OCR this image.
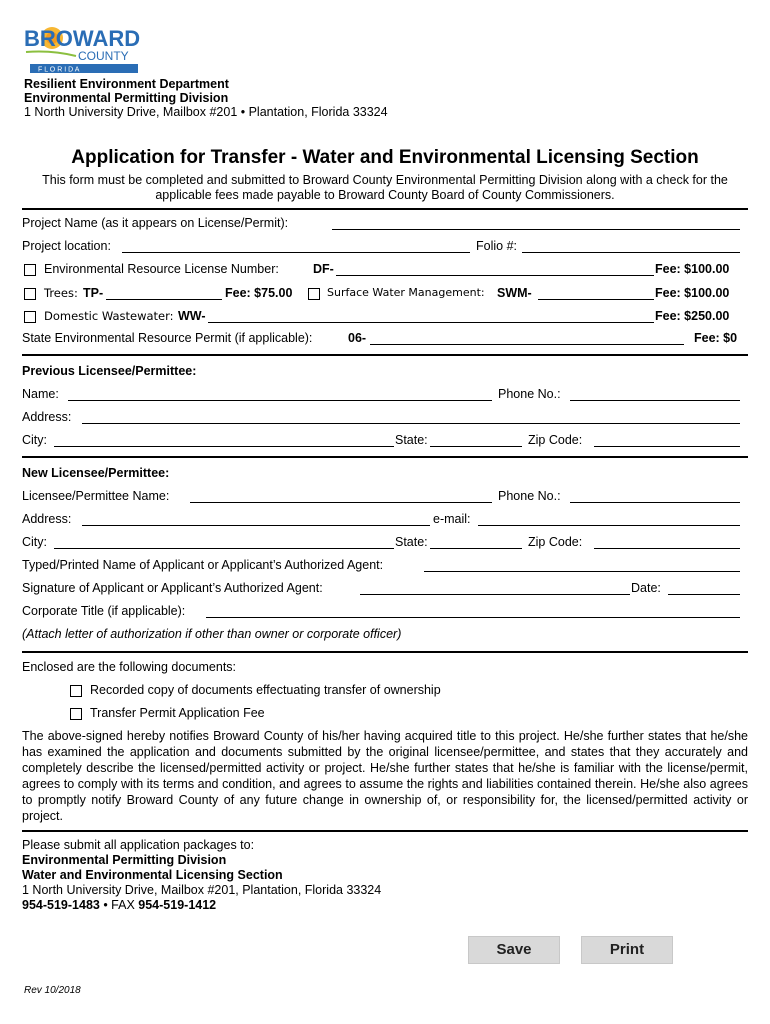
BROWARD
COUNTY
F L O R I D A
Resilient Environment Department
Environmental Permitting Division
1 North University Drive, Mailbox #201 • Plantation, Florida 33324
Application for Transfer - Water and Environmental Licensing Section
This form must be completed and submitted to Broward County Environmental Permitting Division along with a check for the applicable fees made payable to Broward County Board of County Commissioners.
Project Name (as it appears on License/Permit):
Project location:	Folio #:
Environmental Resource License Number:	DF-	Fee: $100.00
Trees: TP-	Fee: $75.00	Surface Water Management: SWM-	Fee: $100.00
Domestic Wastewater: WW-	Fee: $250.00
State Environmental Resource Permit (if applicable):	06-	Fee: $0
Previous Licensee/Permittee:
Name:	Phone No.:
Address:
City:	State:	Zip Code:
New Licensee/Permittee:
Licensee/Permittee Name:	Phone No.:
Address:	e-mail:
City:	State:	Zip Code:
Typed/Printed Name of Applicant or Applicant’s Authorized Agent:
Signature of Applicant or Applicant’s Authorized Agent:	Date:
Corporate Title (if applicable):
(Attach letter of authorization if other than owner or corporate officer)
Enclosed are the following documents:
Recorded copy of documents effectuating transfer of ownership
Transfer Permit Application Fee
The above-signed hereby notifies Broward County of his/her having acquired title to this project. He/she further states that he/she has examined the application and documents submitted by the original licensee/permittee, and states that they accurately and completely describe the licensed/permitted activity or project. He/she further states that he/she is familiar with the license/permit, agrees to comply with its terms and condition, and agrees to assume the rights and liabilities contained therein. He/she also agrees to promptly notify Broward County of any future change in ownership of, or responsibility for, the licensed/permitted activity or project.
Please submit all application packages to:
Environmental Permitting Division
Water and Environmental Licensing Section
1 North University Drive, Mailbox #201, Plantation, Florida 33324
954-519-1483 • FAX 954-519-1412
Save	Print
Rev 10/2018
